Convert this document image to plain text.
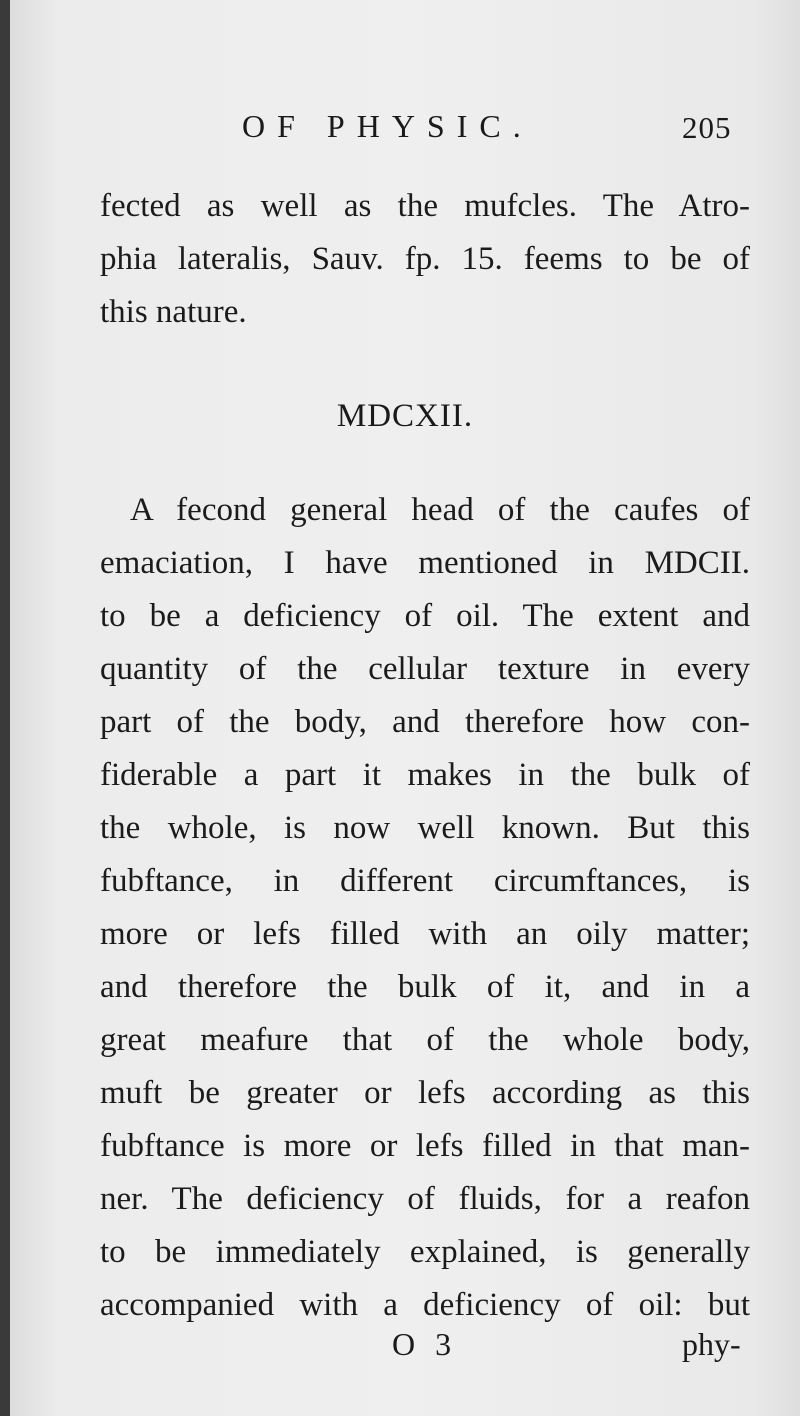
OF PHYSIC.	205
fected as well as the mufcles. The Atro-
phia lateralis, Sauv. fp. 15. feems to be of
this nature.
MDCXII.
A fecond general head of the caufes of
emaciation, I have mentioned in MDCII.
to be a deficiency of oil. The extent and
quantity of the cellular texture in every
part of the body, and therefore how con-
fiderable a part it makes in the bulk of
the whole, is now well known. But this
fubftance, in different circumftances, is
more or lefs filled with an oily matter;
and therefore the bulk of it, and in a
great meafure that of the whole body,
muft be greater or lefs according as this
fubftance is more or lefs filled in that man-
ner. The deficiency of fluids, for a reafon
to be immediately explained, is generally
accompanied with a deficiency of oil: but
O 3	phy-
